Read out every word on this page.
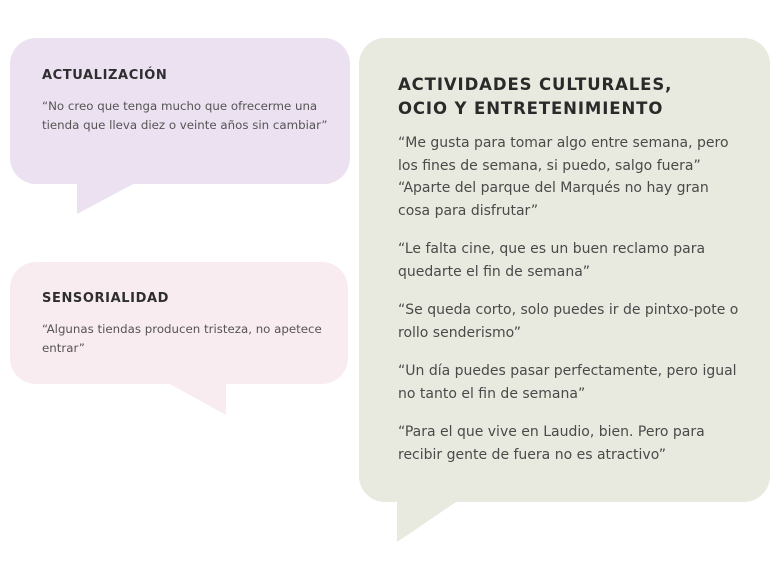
ACTUALIZACIÓN

“No creo que tenga mucho que ofrecerme una tienda que lleva diez o veinte años sin cambiar”

SENSORIALIDAD

“Algunas tiendas producen tristeza, no apetece entrar”

ACTIVIDADES CULTURALES,
OCIO Y ENTRETENIMIENTO

“Me gusta para tomar algo entre semana, pero los fines de semana, si puedo, salgo fuera” “Aparte del parque del Marqués no hay gran cosa para disfrutar”

“Le falta cine, que es un buen reclamo para quedarte el fin de semana”

“Se queda corto, solo puedes ir de pintxo-pote o rollo senderismo”

“Un día puedes pasar perfectamente, pero igual no tanto el fin de semana”

“Para el que vive en Laudio, bien. Pero para recibir gente de fuera no es atractivo”
